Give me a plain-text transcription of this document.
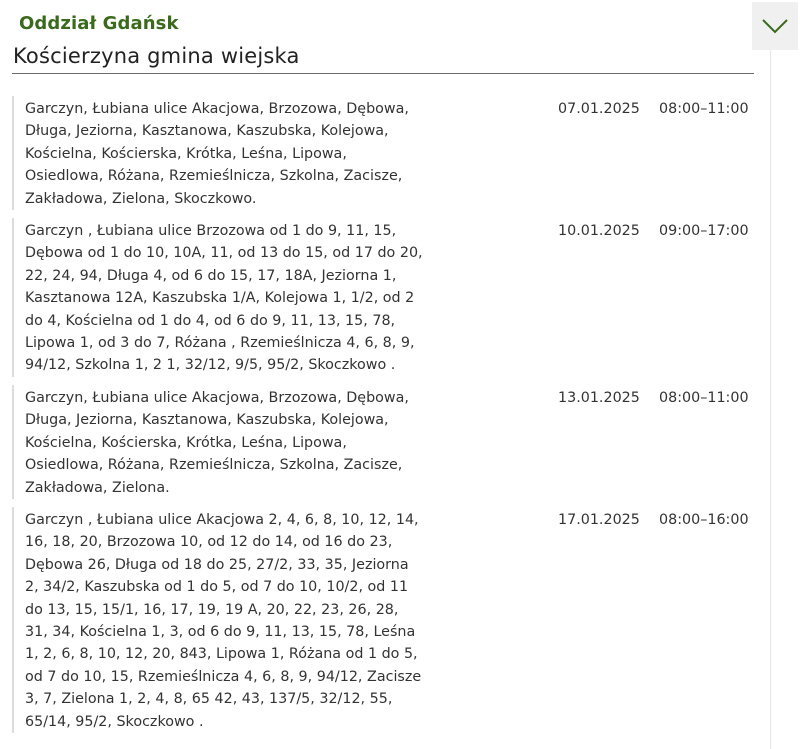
Oddział Gdańsk
Kościerzyna gmina wiejska
Garczyn, Łubiana ulice Akacjowa, Brzozowa, Dębowa,
Długa, Jeziorna, Kasztanowa, Kaszubska, Kolejowa,
Kościelna, Kościerska, Krótka, Leśna, Lipowa,
Osiedlowa, Różana, Rzemieślnicza, Szkolna, Zacisze,
Zakładowa, Zielona, Skoczkowo.
07.01.2025 08:00–11:00
Garczyn , Łubiana ulice Brzozowa od 1 do 9, 11, 15,
Dębowa od 1 do 10, 10A, 11, od 13 do 15, od 17 do 20,
22, 24, 94, Długa 4, od 6 do 15, 17, 18A, Jeziorna 1,
Kasztanowa 12A, Kaszubska 1/A, Kolejowa 1, 1/2, od 2
do 4, Kościelna od 1 do 4, od 6 do 9, 11, 13, 15, 78,
Lipowa 1, od 3 do 7, Różana , Rzemieślnicza 4, 6, 8, 9,
94/12, Szkolna 1, 2 1, 32/12, 9/5, 95/2, Skoczkowo .
10.01.2025 09:00–17:00
Garczyn, Łubiana ulice Akacjowa, Brzozowa, Dębowa,
Długa, Jeziorna, Kasztanowa, Kaszubska, Kolejowa,
Kościelna, Kościerska, Krótka, Leśna, Lipowa,
Osiedlowa, Różana, Rzemieślnicza, Szkolna, Zacisze,
Zakładowa, Zielona.
13.01.2025 08:00–11:00
Garczyn , Łubiana ulice Akacjowa 2, 4, 6, 8, 10, 12, 14,
16, 18, 20, Brzozowa 10, od 12 do 14, od 16 do 23,
Dębowa 26, Długa od 18 do 25, 27/2, 33, 35, Jeziorna
2, 34/2, Kaszubska od 1 do 5, od 7 do 10, 10/2, od 11
do 13, 15, 15/1, 16, 17, 19, 19 A, 20, 22, 23, 26, 28,
31, 34, Kościelna 1, 3, od 6 do 9, 11, 13, 15, 78, Leśna
1, 2, 6, 8, 10, 12, 20, 843, Lipowa 1, Różana od 1 do 5,
od 7 do 10, 15, Rzemieślnicza 4, 6, 8, 9, 94/12, Zacisze
3, 7, Zielona 1, 2, 4, 8, 65 42, 43, 137/5, 32/12, 55,
65/14, 95/2, Skoczkowo .
17.01.2025 08:00–16:00
